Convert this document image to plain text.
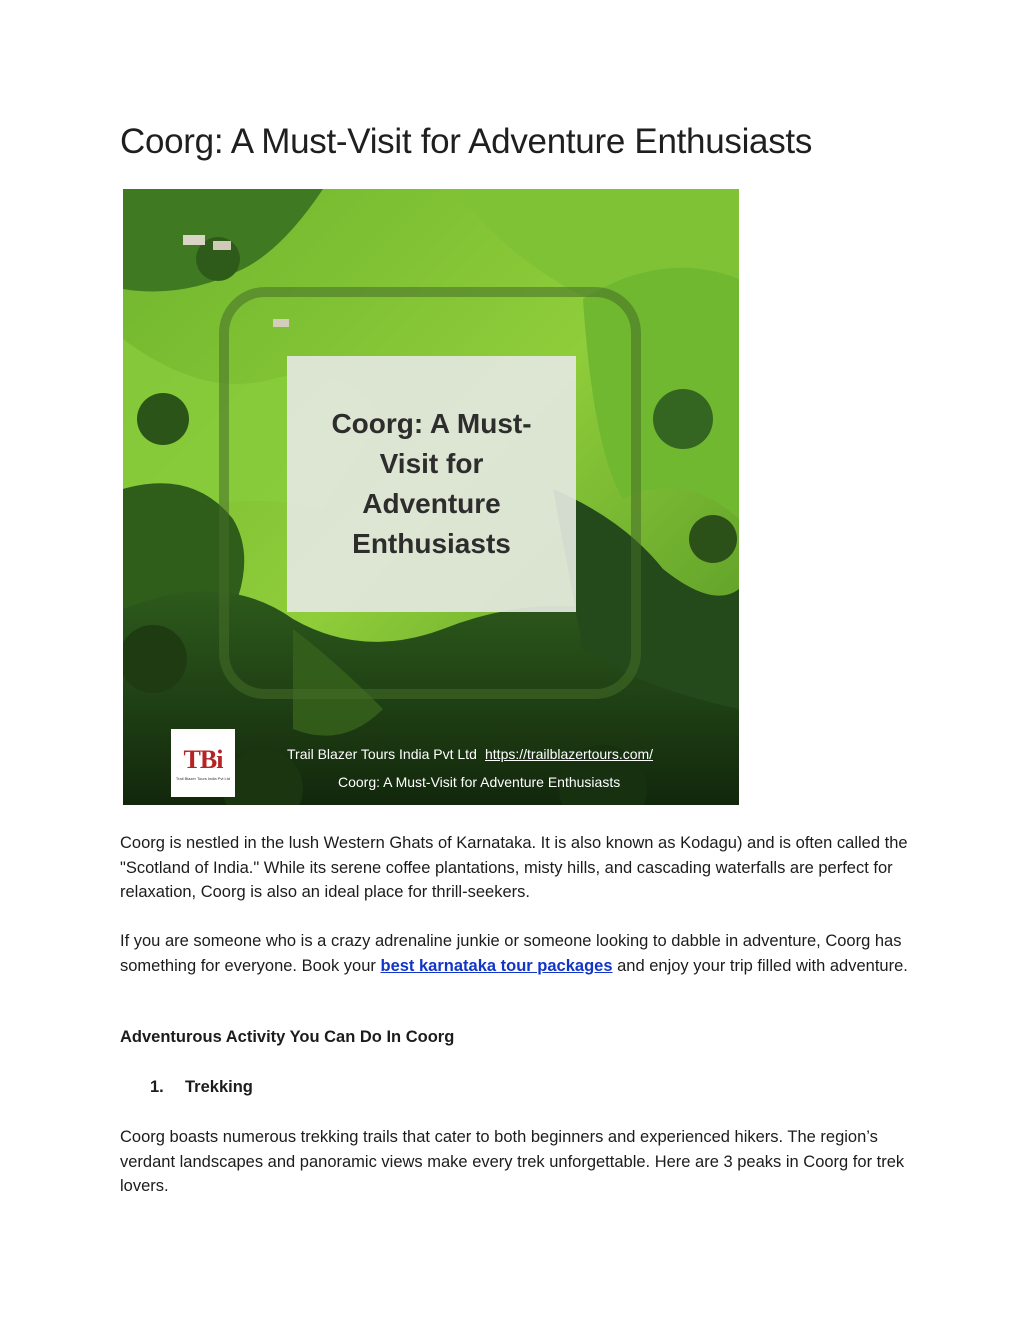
Coorg: A Must-Visit for Adventure Enthusiasts
Coorg: A Must-Visit for Adventure Enthusiasts
TBi
Trail Blazer Tours India Pvt Ltd
Trail Blazer Tours India Pvt Ltd https://trailblazertours.com/
Coorg: A Must-Visit for Adventure Enthusiasts

Coorg is nestled in the lush Western Ghats of Karnataka. It is also known as Kodagu) and is often called the "Scotland of India." While its serene coffee plantations, misty hills, and cascading waterfalls are perfect for relaxation, Coorg is also an ideal place for thrill-seekers.

If you are someone who is a crazy adrenaline junkie or someone looking to dabble in adventure, Coorg has something for everyone. Book your best karnataka tour packages and enjoy your trip filled with adventure.

Adventurous Activity You Can Do In Coorg

1. Trekking

Coorg boasts numerous trekking trails that cater to both beginners and experienced hikers. The region’s verdant landscapes and panoramic views make every trek unforgettable. Here are 3 peaks in Coorg for trek lovers.
